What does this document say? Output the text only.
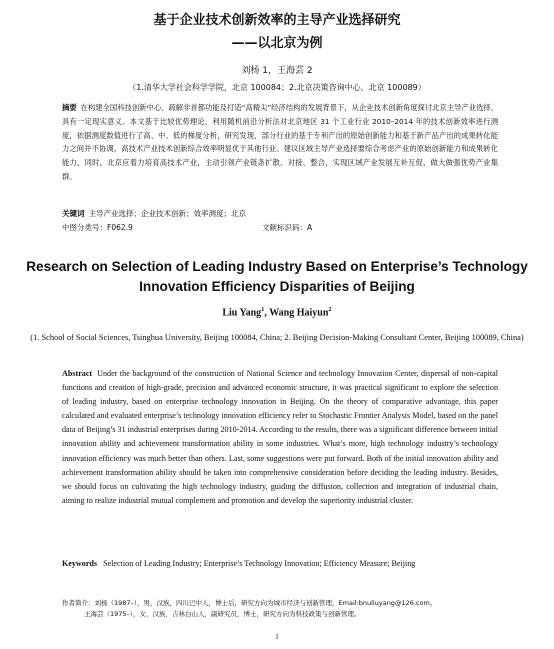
基于企业技术创新效率的主导产业选择研究
——以北京为例
刘杨 1，王海芸 2
（1.清华大学社会科学学院，北京 100084；2.北京决策咨询中心，北京 100089）

摘要 在构建全国科技创新中心、疏解非首都功能及打造“高精尖”经济结构的发展背景下，从企业技术创新角度探讨北京主导产业选择，具有一定现实意义。本文基于比较优势理论，利用随机前沿分析法对北京地区 31 个工业行业 2010–2014 年的技术创新效率进行测度，依据测度数值进行了高、中、低的梯度分析，研究发现，部分行业的基于专利产出的原始创新能力和基于新产品产出的成果转化能力之间并不协调，高技术产业技术创新综合效率明显优于其他行业。建议区域主导产业选择要综合考虑产业的原始创新能力和成果转化能力，同时，北京应着力培育高技术产业，主动引领产业链条扩散、对接、整合，实现区域产业发展互补互促，做大做强优势产业集群。

关键词 主导产业选择；企业技术创新；效率测度；北京
中图分类号：F062.9	文献标识码：A
Research on Selection of Leading Industry Based on Enterprise’s Technology Innovation Efficiency Disparities of Beijing
Liu Yang$^1$, Wang Haiyun$^2$

(1. School of Social Sciences, Tsinghua University, Beijing 100084, China; 2. Beijing Decision-Making Consultant Center, Beijing 100089, China)

Abstract Under the background of the construction of National Science and technology Innovation Center, dispersal of non-capital functions and creation of high-grade, precision and advanced economic structure, it was practical significant to explore the selection of leading industry, based on enterprise technology innovation in Beijing. On the theory of comparative advantage, this paper calculated and evaluated enterprise’s technology innovation efficiency refer to Stochastic Frontier Analysis Model, based on the panel data of Beijing’s 31 industrial enterprises during 2010-2014. According to the results, there was a significant difference between initial innovation ability and achievement transformation ability in some industries. What’s more, high technology industry’s technology innovation efficiency was much better than others. Last, some suggestions were put forward. Both of the initial innovation ability and achievement transformation ability should be taken into comprehensive consideration before deciding the leading industry. Besides, we should focus on cultivating the high technology industry, guiding the diffusion, collection and integration of industrial chain, aiming to realize industrial mutual complement and promotion and develop the superiority industrial cluster.

Keywords Selection of Leading Industry; Enterprise’s Technology Innovation; Efficiency Measure; Beijing

作者简介：刘杨（1987–），男，汉族，四川巴中人，博士后，研究方向为城市经济与创新管理，Email:bnuliuyang@126.com。
王海芸（1975–），女，汉族，吉林白山人，副研究员，博士，研究方向为科技政策与创新管理。

1
